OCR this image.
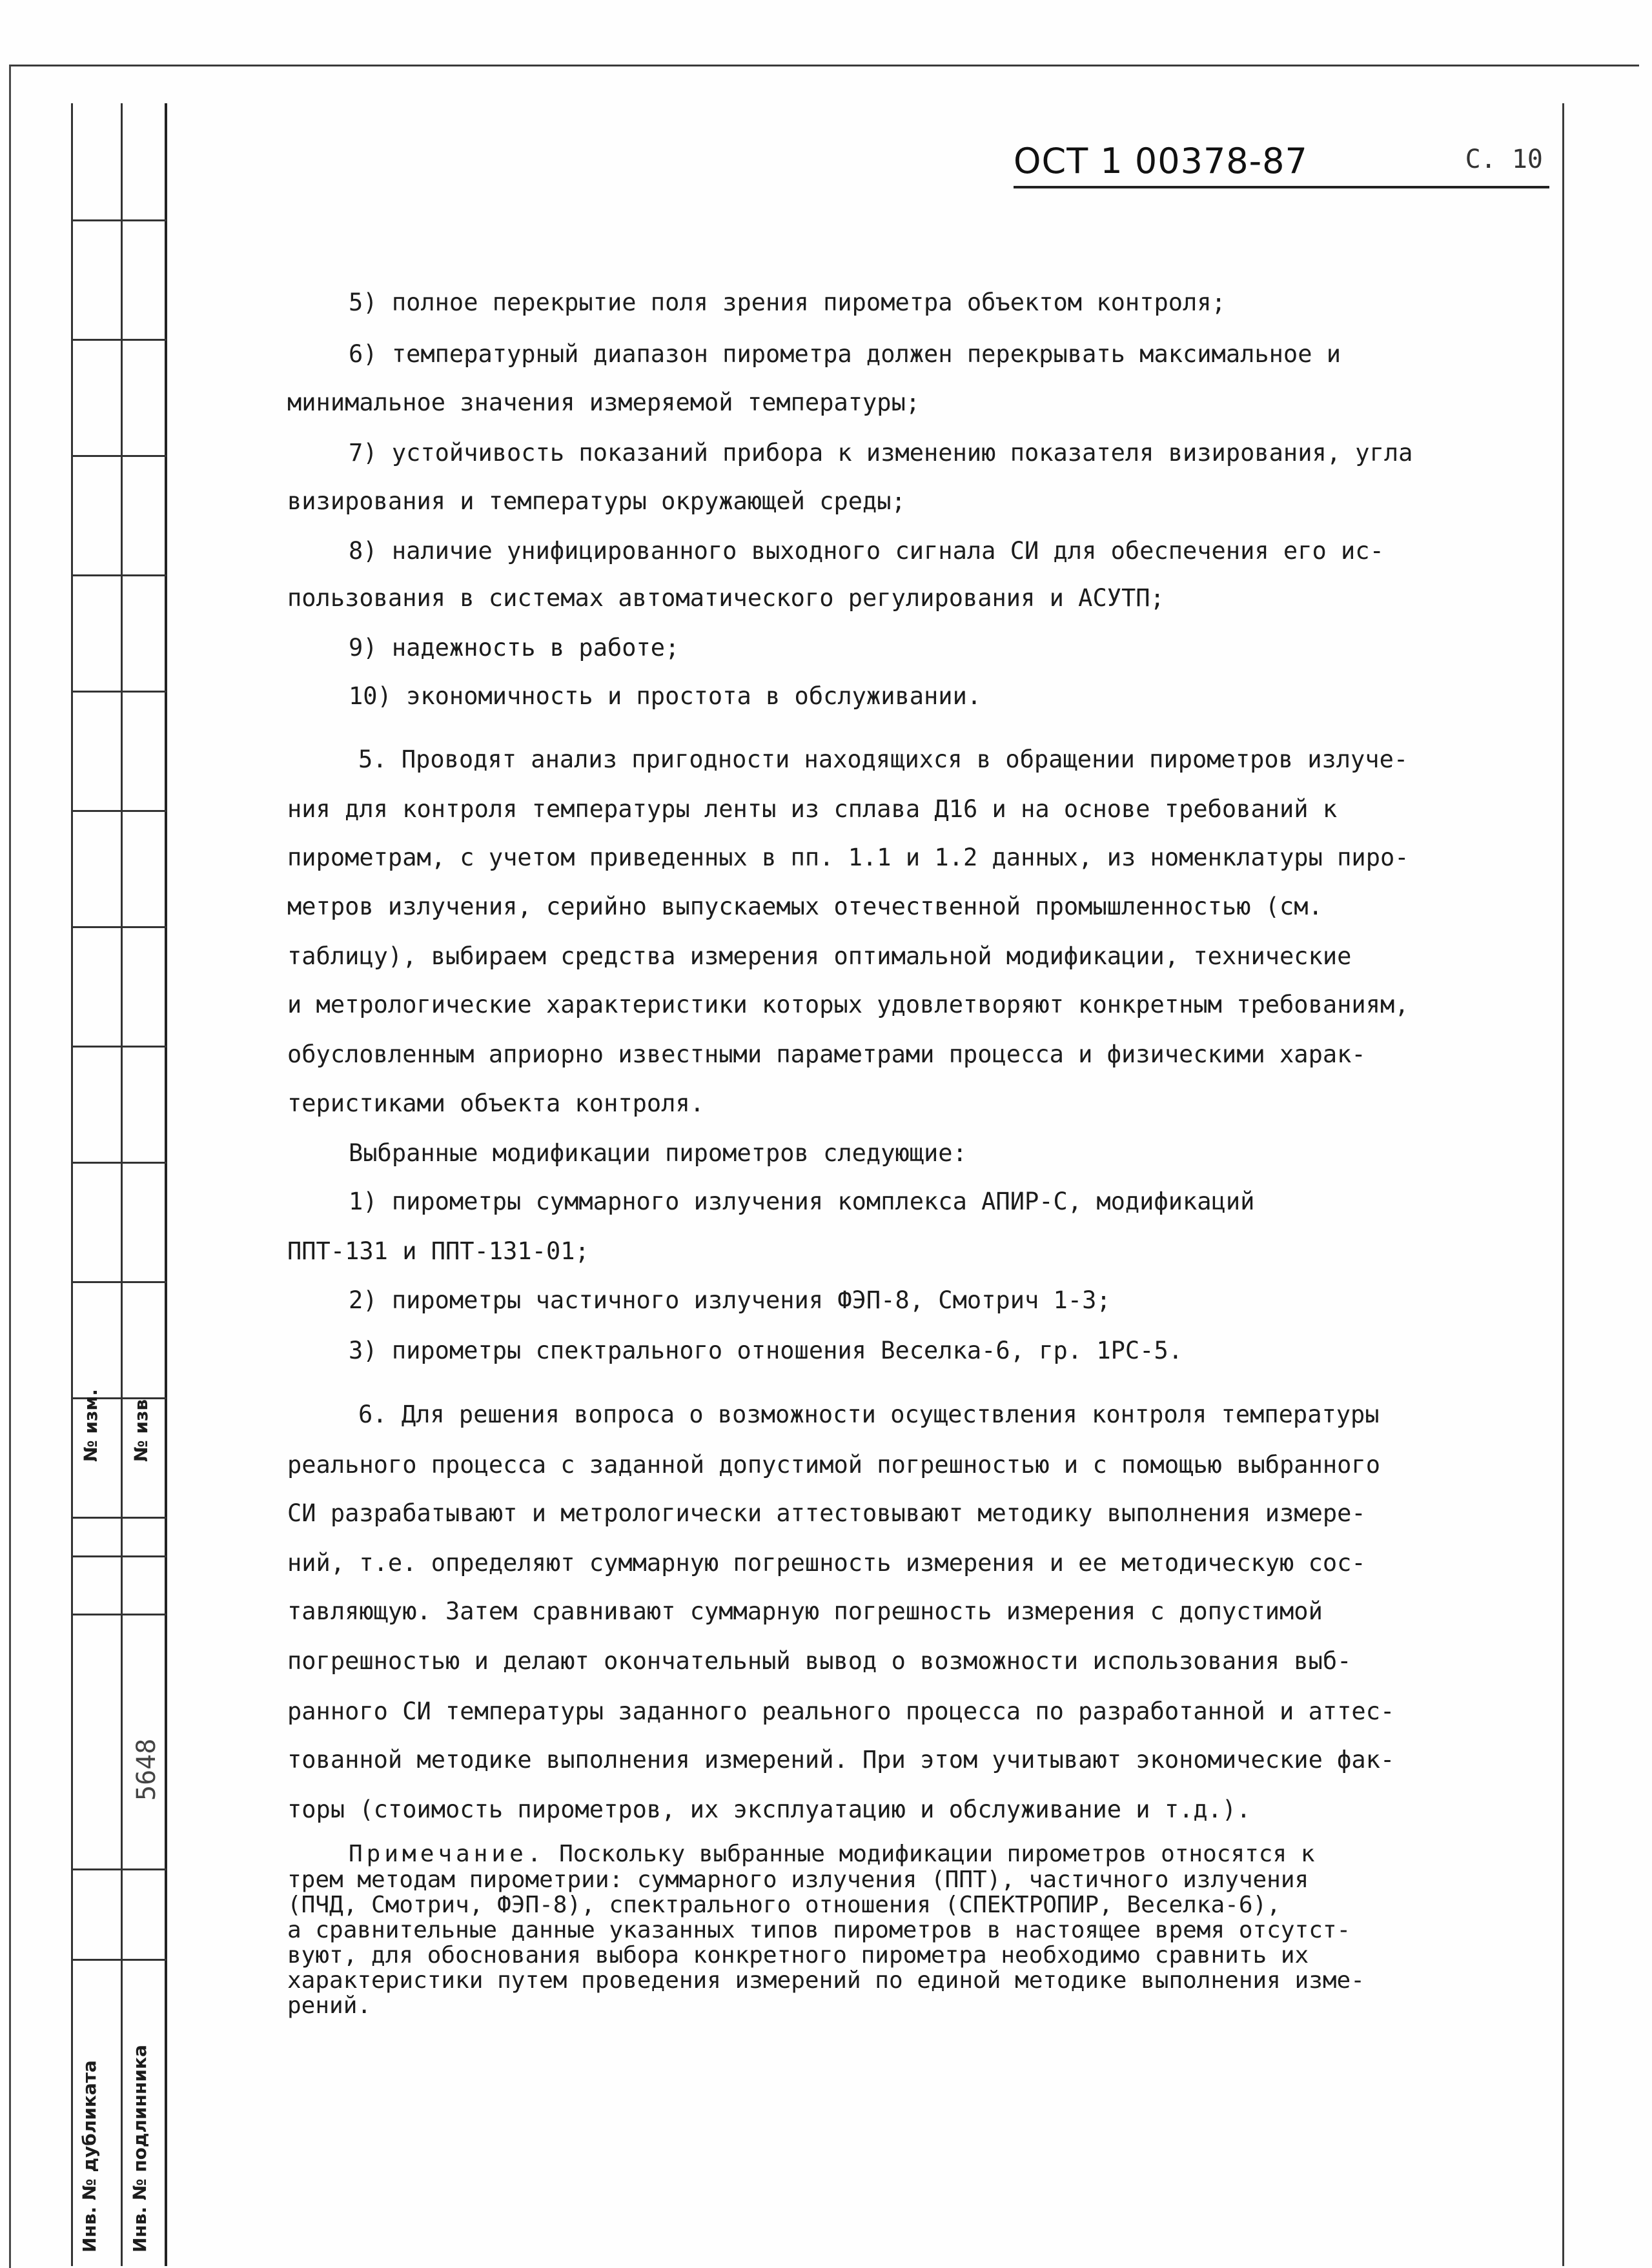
№ изм. № изв
5648
Инв. № дубликата Инв. № подлинника
ОСТ 1 00378-87	С. 10
5) полное перекрытие поля зрения пирометра объектом контроля;
6) температурный диапазон пирометра должен перекрывать максимальное и
минимальное значения измеряемой температуры;
7) устойчивость показаний прибора к изменению показателя визирования, угла
визирования и температуры окружающей среды;
8) наличие унифицированного выходного сигнала СИ для обеспечения его ис-
пользования в системах автоматического регулирования и АСУТП;
9) надежность в работе;
10) экономичность и простота в обслуживании.
5. Проводят анализ пригодности находящихся в обращении пирометров излуче-
ния для контроля температуры ленты из сплава Д16 и на основе требований к
пирометрам, с учетом приведенных в пп. 1.1 и 1.2 данных, из номенклатуры пиро-
метров излучения, серийно выпускаемых отечественной промышленностью (см.
таблицу), выбираем средства измерения оптимальной модификации, технические
и метрологические характеристики которых удовлетворяют конкретным требованиям,
обусловленным априорно известными параметрами процесса и физическими харак-
теристиками объекта контроля.
Выбранные модификации пирометров следующие:
1) пирометры суммарного излучения комплекса АПИР-С, модификаций
ППТ-131 и ППТ-131-01;
2) пирометры частичного излучения ФЭП-8, Смотрич 1-3;
3) пирометры спектрального отношения Веселка-6, гр. 1РС-5.
6. Для решения вопроса о возможности осуществления контроля температуры
реального процесса с заданной допустимой погрешностью и с помощью выбранного
СИ разрабатывают и метрологически аттестовывают методику выполнения измере-
ний, т.е. определяют суммарную погрешность измерения и ее методическую сос-
тавляющую. Затем сравнивают суммарную погрешность измерения с допустимой
погрешностью и делают окончательный вывод о возможности использования выб-
ранного СИ температуры заданного реального процесса по разработанной и аттес-
тованной методике выполнения измерений. При этом учитывают экономические фак-
торы (стоимость пирометров, их эксплуатацию и обслуживание и т.д.).
Примечание. Поскольку выбранные модификации пирометров относятся к
трем методам пирометрии: суммарного излучения (ППТ), частичного излучения
(ПЧД, Смотрич, ФЭП-8), спектрального отношения (СПЕКТРОПИР, Веселка-6),
а сравнительные данные указанных типов пирометров в настоящее время отсутст-
вуют, для обоснования выбора конкретного пирометра необходимо сравнить их
характеристики путем проведения измерений по единой методике выполнения изме-
рений.
